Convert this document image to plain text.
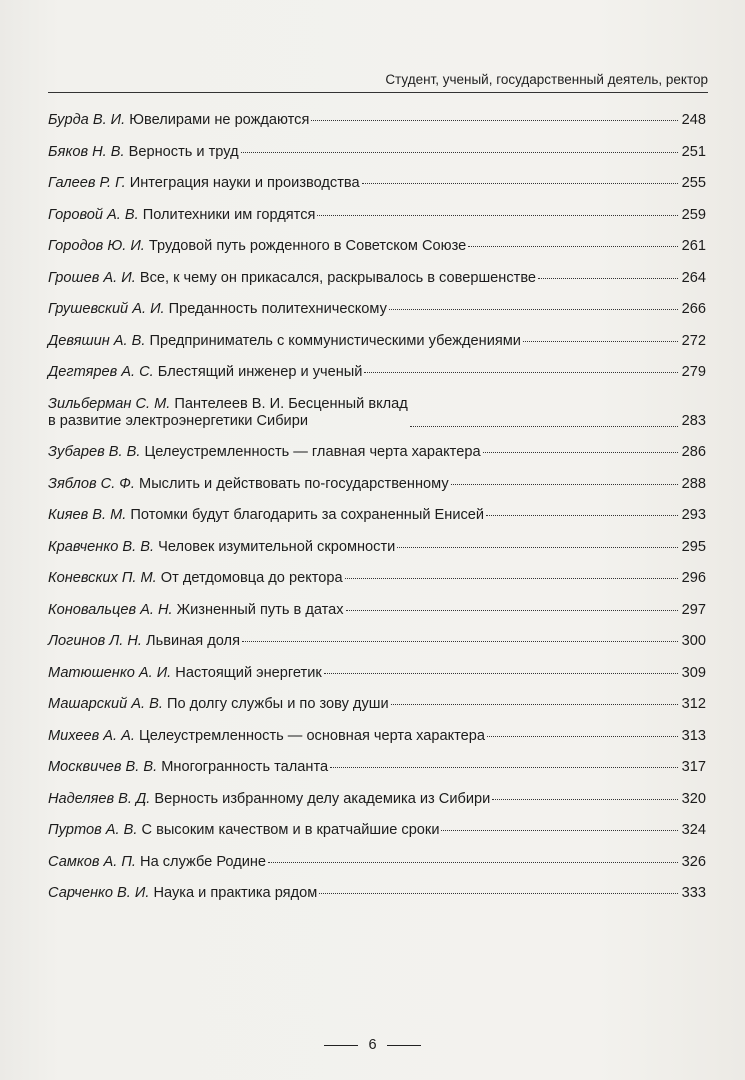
Студент, ученый, государственный деятель, ректор
Бурда В. И. Ювелирами не рождаются	248
Бяков Н. В. Верность и труд	251
Галеев Р. Г. Интеграция науки и производства	255
Горовой А. В. Политехники им гордятся	259
Городов Ю. И. Трудовой путь рожденного в Советском Союзе	261
Грошев А. И. Все, к чему он прикасался, раскрывалось в совершенстве	264
Грушевский А. И. Преданность политехническому	266
Девяшин А. В. Предприниматель с коммунистическими убеждениями	272
Дегтярев А. С. Блестящий инженер и ученый	279
Зильберман С. М. Пантелеев В. И. Бесценный вклад
в развитие электроэнергетики Сибири	283
Зубарев В. В. Целеустремленность — главная черта характера	286
Зяблов С. Ф. Мыслить и действовать по-государственному	288
Кияев В. М. Потомки будут благодарить за сохраненный Енисей	293
Кравченко В. В. Человек изумительной скромности	295
Коневских П. М. От детдомовца до ректора	296
Коновальцев А. Н. Жизненный путь в датах	297
Логинов Л. Н. Львиная доля	300
Матюшенко А. И. Настоящий энергетик	309
Машарский А. В. По долгу службы и по зову души	312
Михеев А. А. Целеустремленность — основная черта характера	313
Москвичев В. В. Многогранность таланта	317
Наделяев В. Д. Верность избранному делу академика из Сибири	320
Пуртов А. В. С высоким качеством и в кратчайшие сроки	324
Самков А. П. На службе Родине	326
Сарченко В. И. Наука и практика рядом	333
6
